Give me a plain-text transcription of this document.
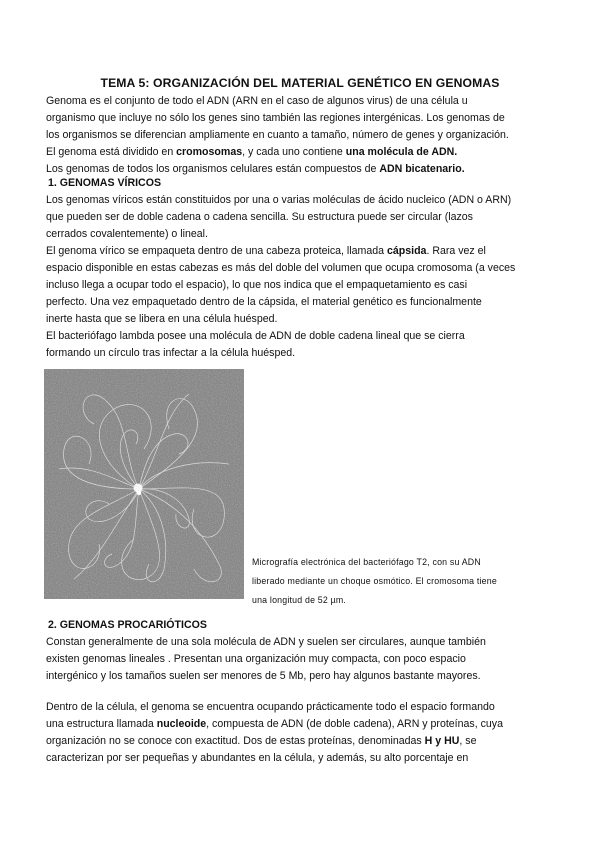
TEMA 5: ORGANIZACIÓN DEL MATERIAL GENÉTICO EN GENOMAS
Genoma es el conjunto de todo el ADN (ARN en el caso de algunos virus) de una célula u
organismo que incluye no sólo los genes sino también las regiones intergénicas. Los genomas de
los organismos se diferencian ampliamente en cuanto a tamaño, número de genes y organización.
El genoma está dividido en cromosomas, y cada uno contiene una molécula de ADN.
Los genomas de todos los organismos celulares están compuestos de ADN bicatenario.
1. GENOMAS VÍRICOS
Los genomas víricos están constituidos por una o varias moléculas de ácido nucleico (ADN o ARN)
que pueden ser de doble cadena o cadena sencilla. Su estructura puede ser circular (lazos
cerrados covalentemente) o lineal.
El genoma vírico se empaqueta dentro de una cabeza proteica, llamada cápsida. Rara vez el
espacio disponible en estas cabezas es más del doble del volumen que ocupa cromosoma (a veces
incluso llega a ocupar todo el espacio), lo que nos indica que el empaquetamiento es casi
perfecto. Una vez empaquetado dentro de la cápsida, el material genético es funcionalmente
inerte hasta que se libera en una célula huésped.
El bacteriófago lambda posee una molécula de ADN de doble cadena lineal que se cierra
formando un círculo tras infectar a la célula huésped.
Micrografía electrónica del bacteriófago T2, con su ADN
liberado mediante un choque osmótico. El cromosoma tiene
una longitud de 52 µm.
2. GENOMAS PROCARIÓTICOS
Constan generalmente de una sola molécula de ADN y suelen ser circulares, aunque también
existen genomas lineales . Presentan una organización muy compacta, con poco espacio
intergénico y los tamaños suelen ser menores de 5 Mb, pero hay algunos bastante mayores.
Dentro de la célula, el genoma se encuentra ocupando prácticamente todo el espacio formando
una estructura llamada nucleoide, compuesta de ADN (de doble cadena), ARN y proteínas, cuya
organización no se conoce con exactitud. Dos de estas proteínas, denominadas H y HU, se
caracterizan por ser pequeñas y abundantes en la célula, y además, su alto porcentaje en
